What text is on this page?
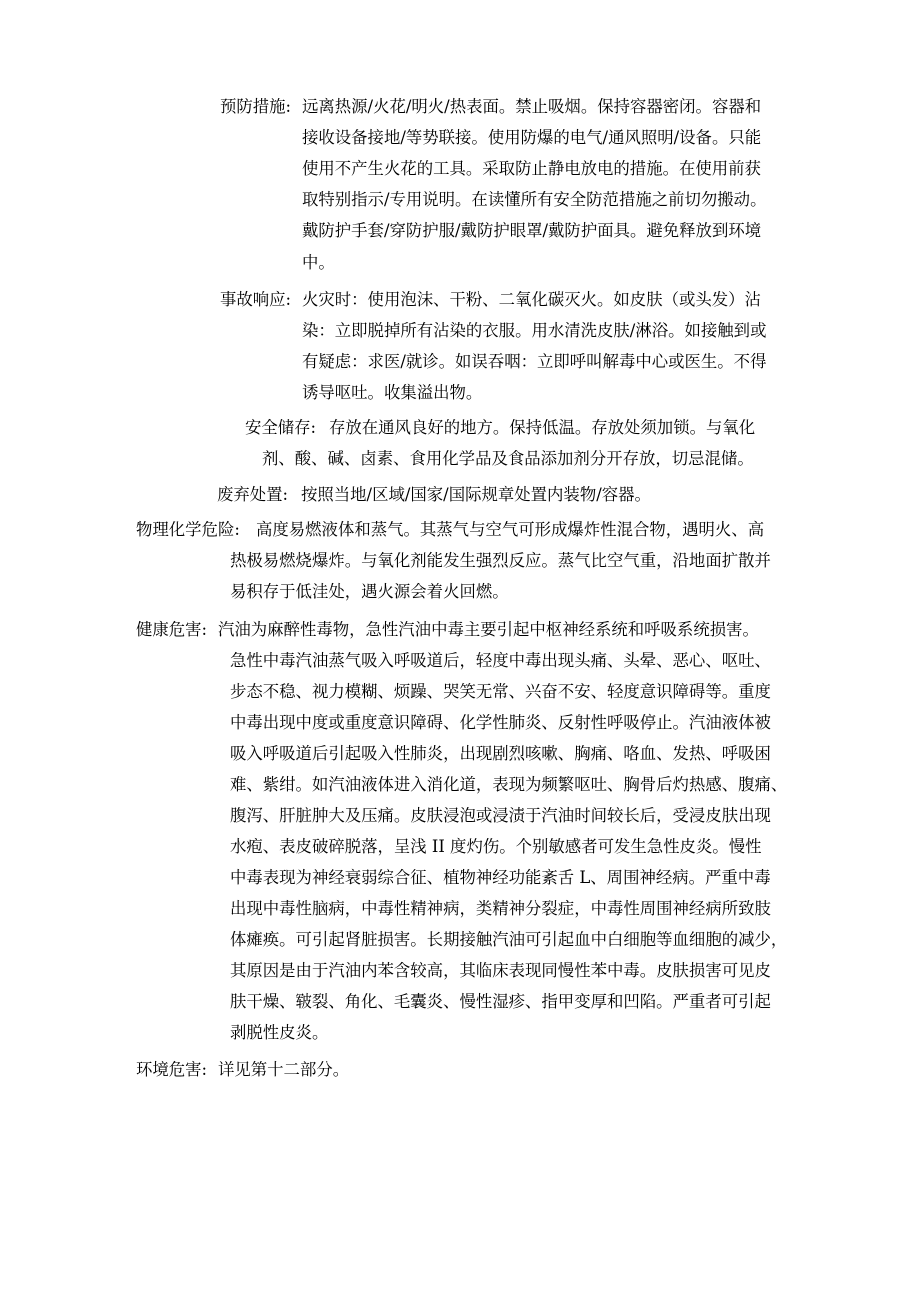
预防措施: 远离热源/火花/明火/热表面。禁止吸烟。保持容器密闭。容器和

接收设备接地/等势联接。使用防爆的电气/通风照明/设备。只能

使用不产生火花的工具。采取防止静电放电的措施。在使用前获

取特别指示/专用说明。在读懂所有安全防范措施之前切勿搬动。

戴防护手套/穿防护服/戴防护眼罩/戴防护面具。避免释放到环境

中。

事故响应: 火灾时：使用泡沫、干粉、二氧化碳灭火。如皮肤（或头发）沾

染：立即脱掉所有沾染的衣服。用水清洗皮肤/淋浴。如接触到或

有疑虑：求医/就诊。如误吞咽：立即呼叫解毒中心或医生。不得

诱导呕吐。收集溢出物。

安全储存: 存放在通风良好的地方。保持低温。存放处须加锁。与氧化

剂、酸、碱、卤素、食用化学品及食品添加剂分开存放，切忌混储。

废弃处置: 按照当地/区域/国家/国际规章处置内装物/容器。

物理化学危险: 高度易燃液体和蒸气。其蒸气与空气可形成爆炸性混合物，遇明火、高

热极易燃烧爆炸。与氧化剂能发生强烈反应。蒸气比空气重，沿地面扩散并

易积存于低洼处，遇火源会着火回燃。

健康危害: 汽油为麻醉性毒物，急性汽油中毒主要引起中枢神经系统和呼吸系统损害。

急性中毒汽油蒸气吸入呼吸道后，轻度中毒出现头痛、头晕、恶心、呕吐、

步态不稳、视力模糊、烦躁、哭笑无常、兴奋不安、轻度意识障碍等。重度

中毒出现中度或重度意识障碍、化学性肺炎、反射性呼吸停止。汽油液体被

吸入呼吸道后引起吸入性肺炎，出现剧烈咳嗽、胸痛、咯血、发热、呼吸困

难、紫绀。如汽油液体进入消化道，表现为频繁呕吐、胸骨后灼热感、腹痛、

腹泻、肝脏肿大及压痛。皮肤浸泡或浸渍于汽油时间较长后，受浸皮肤出现

水疱、表皮破碎脱落，呈浅 II 度灼伤。个别敏感者可发生急性皮炎。慢性

中毒表现为神经衰弱综合征、植物神经功能紊舌 L、周围神经病。严重中毒

出现中毒性脑病，中毒性精神病，类精神分裂症，中毒性周围神经病所致肢

体瘫痪。可引起肾脏损害。长期接触汽油可引起血中白细胞等血细胞的减少，

其原因是由于汽油内苯含较高，其临床表现同慢性苯中毒。皮肤损害可见皮

肤干燥、皲裂、角化、毛囊炎、慢性湿疹、指甲变厚和凹陷。严重者可引起

剥脱性皮炎。

环境危害: 详见第十二部分。
